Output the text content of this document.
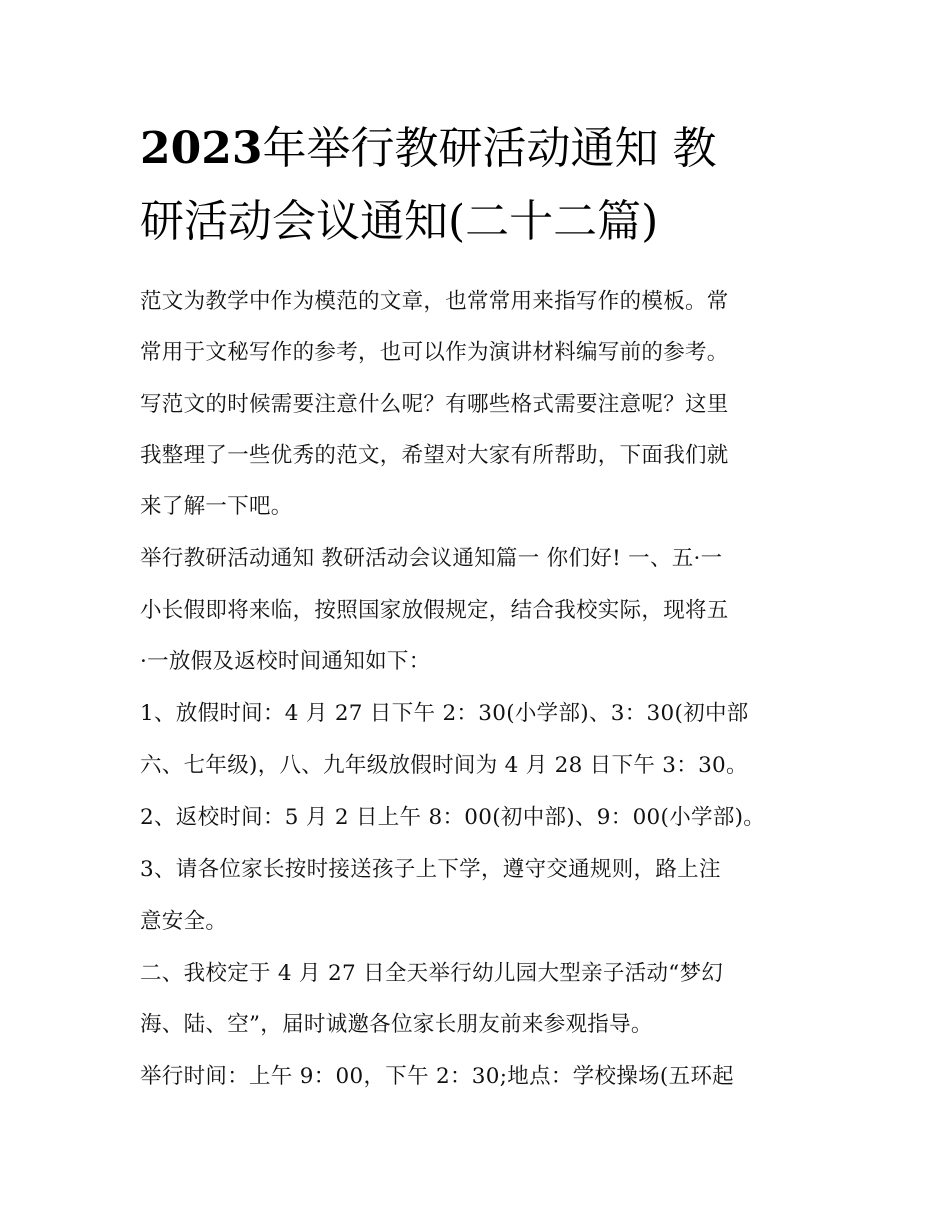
2023年举行教研活动通知 教
研活动会议通知(二十二篇)
范文为教学中作为模范的文章，也常常用来指写作的模板。常
常用于文秘写作的参考，也可以作为演讲材料编写前的参考。
写范文的时候需要注意什么呢？有哪些格式需要注意呢？这里
我整理了一些优秀的范文，希望对大家有所帮助，下面我们就
来了解一下吧。
举行教研活动通知 教研活动会议通知篇一 你们好! 一、五·一
小长假即将来临，按照国家放假规定，结合我校实际，现将五
·一放假及返校时间通知如下：
1、放假时间：4 月 27 日下午 2：30(小学部)、3：30(初中部
六、七年级)，八、九年级放假时间为 4 月 28 日下午 3：30。
2、返校时间：5 月 2 日上午 8：00(初中部)、9：00(小学部)。
3、请各位家长按时接送孩子上下学，遵守交通规则，路上注
意安全。
二、我校定于 4 月 27 日全天举行幼儿园大型亲子活动“梦幻
海、陆、空”，届时诚邀各位家长朋友前来参观指导。
举行时间：上午 9：00，下午 2：30;地点：学校操场(五环起
